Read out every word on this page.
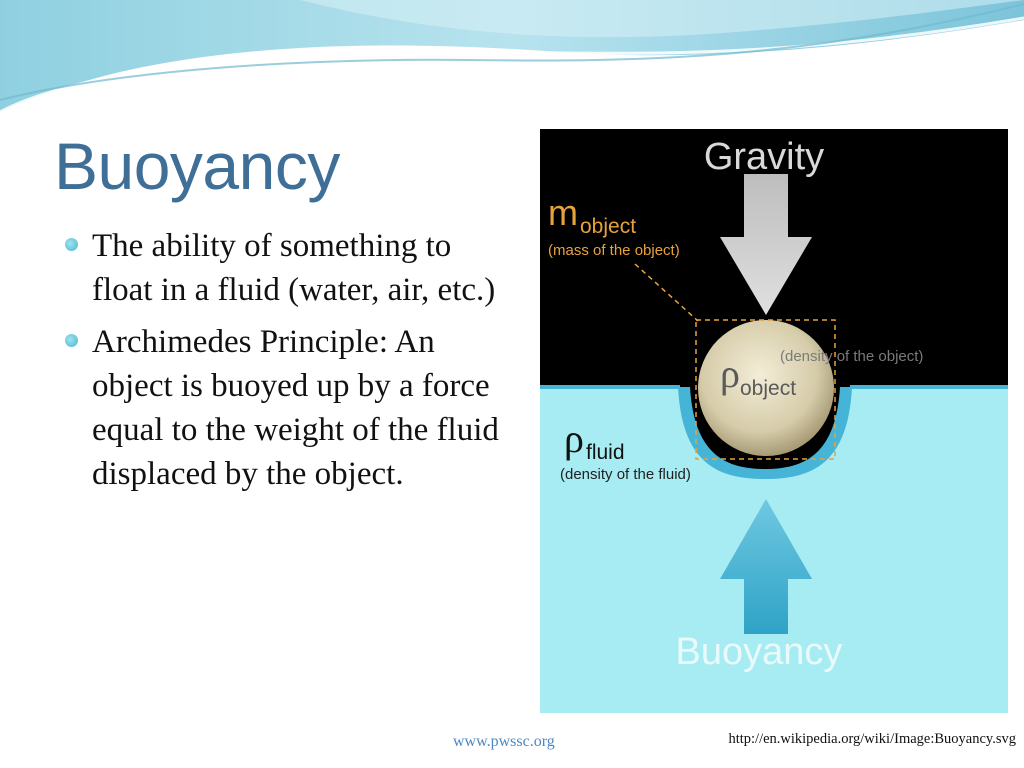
Buoyancy
The ability of something to float in a fluid (water, air, etc.)
Archimedes Principle: An object is buoyed up by a force equal to the weight of the fluid displaced by the object.
Gravity
m object
(mass of the object)
ρ object
(density of the object)
ρ fluid
(density of the fluid)
Buoyancy
www.pwssc.org	http://en.wikipedia.org/wiki/Image:Buoyancy.svg
